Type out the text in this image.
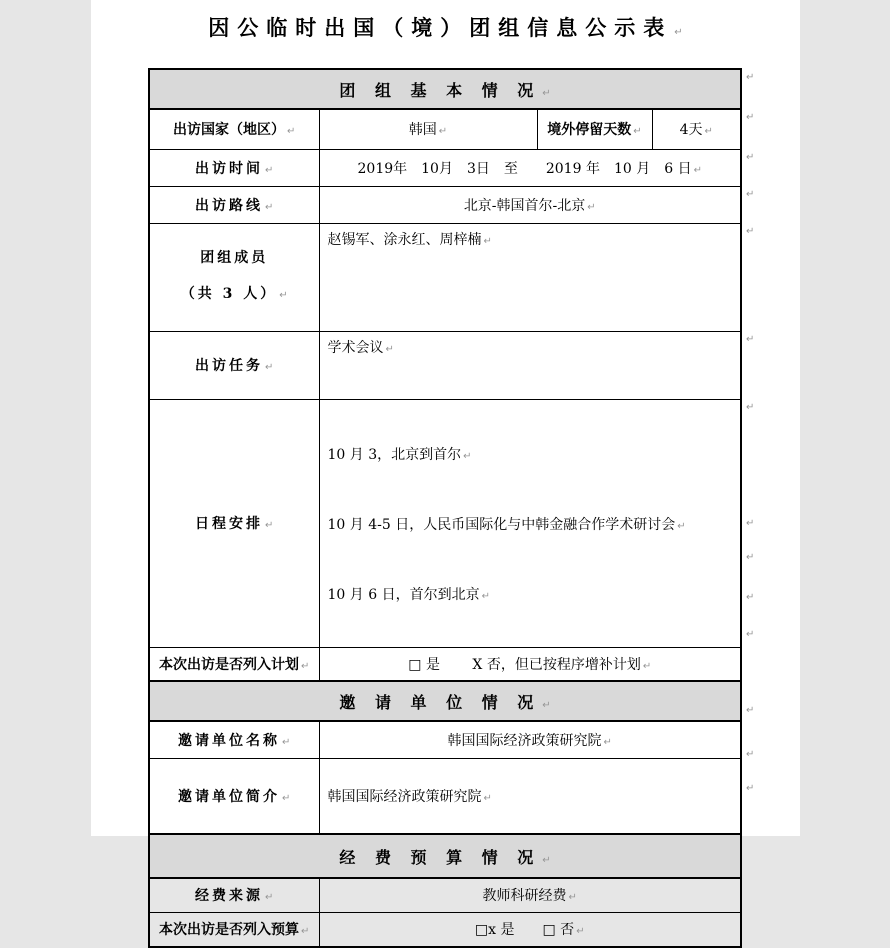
因公临时出国（境）团组信息公示表 ↵
团 组 基 本 情 况 ↵			
出访国家（地区） ↵	韩国 ↵	境外停留天数 ↵	4天 ↵
出访时间 ↵	2019年　10月　3日　至　　2019 年　10 月　6 日 ↵		
出访路线 ↵	北京-韩国首尔-北京 ↵		

团组成员
（共 3 人） ↵	赵锡军、涂永红、周梓楠 ↵		
出访任务 ↵	学术会议 ↵		
日程安排 ↵	10 月 3，北京到首尔 ↵

10 月 4-5 日，人民币国际化与中韩金融合作学术研讨会 ↵

10 月 6 日，首尔到北京 ↵		

本次出访是否列入计划 ↵	□ 是　　 X 否，但已按程序增补计划 ↵		
邀 请 单 位 情 况 ↵			
邀请单位名称 ↵	韩国国际经济政策研究院 ↵		
邀请单位简介 ↵	韩国国际经济政策研究院 ↵		
经 费 预 算 情 况 ↵			
经费来源 ↵	教师科研经费 ↵		
本次出访是否列入预算 ↵	□x 是　　□ 否 ↵		
↵
↵
↵
↵
↵
↵
↵
↵
↵
↵
↵
↵
↵
↵
